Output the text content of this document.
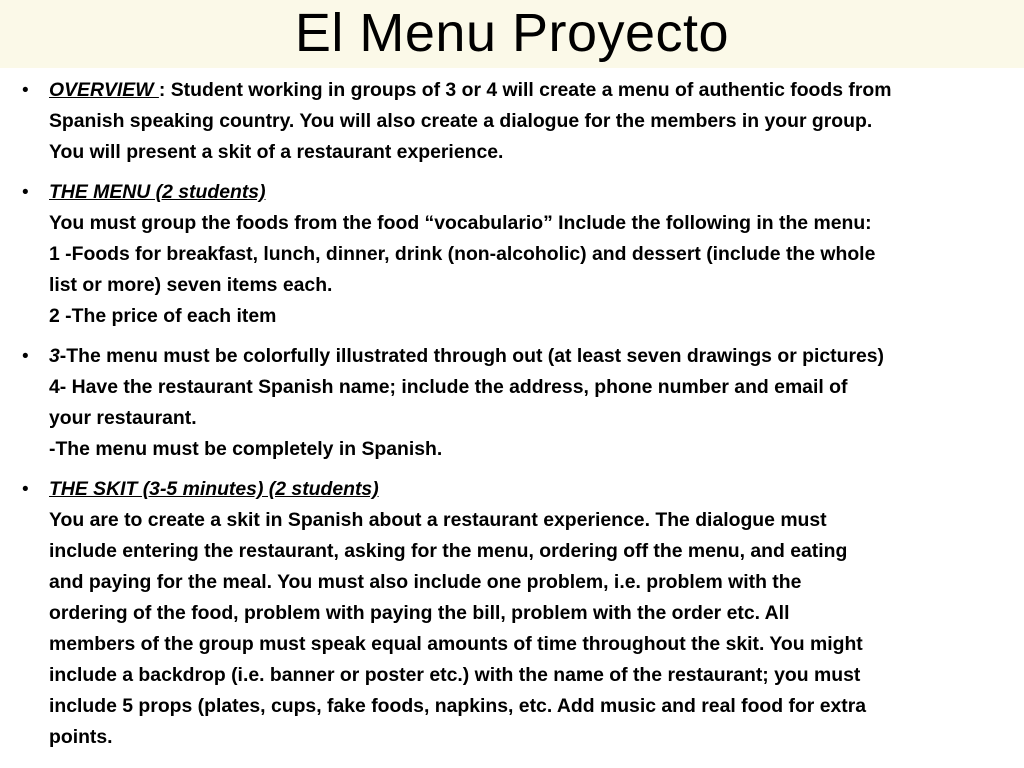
El Menu Proyecto
• OVERVIEW : Student working in groups of 3 or 4 will create a menu of authentic foods from
Spanish speaking country. You will also create a dialogue for the members in your group.
You will present a skit of a restaurant experience.
• THE MENU (2 students)
You must group the foods from the food “vocabulario” Include the following in the menu:
1 -Foods for breakfast, lunch, dinner, drink (non-alcoholic) and dessert (include the whole
list or more) seven items each.
2 -The price of each item
• 3-The menu must be colorfully illustrated through out (at least seven drawings or pictures)
4- Have the restaurant Spanish name; include the address, phone number and email of
your restaurant.
-The menu must be completely in Spanish.
• THE SKIT (3-5 minutes) (2 students)
You are to create a skit in Spanish about a restaurant experience. The dialogue must
include entering the restaurant, asking for the menu, ordering off the menu, and eating
and paying for the meal. You must also include one problem, i.e. problem with the
ordering of the food, problem with paying the bill, problem with the order etc. All
members of the group must speak equal amounts of time throughout the skit. You might
include a backdrop (i.e. banner or poster etc.) with the name of the restaurant; you must
include 5 props (plates, cups, fake foods, napkins, etc. Add music and real food for extra
points.
